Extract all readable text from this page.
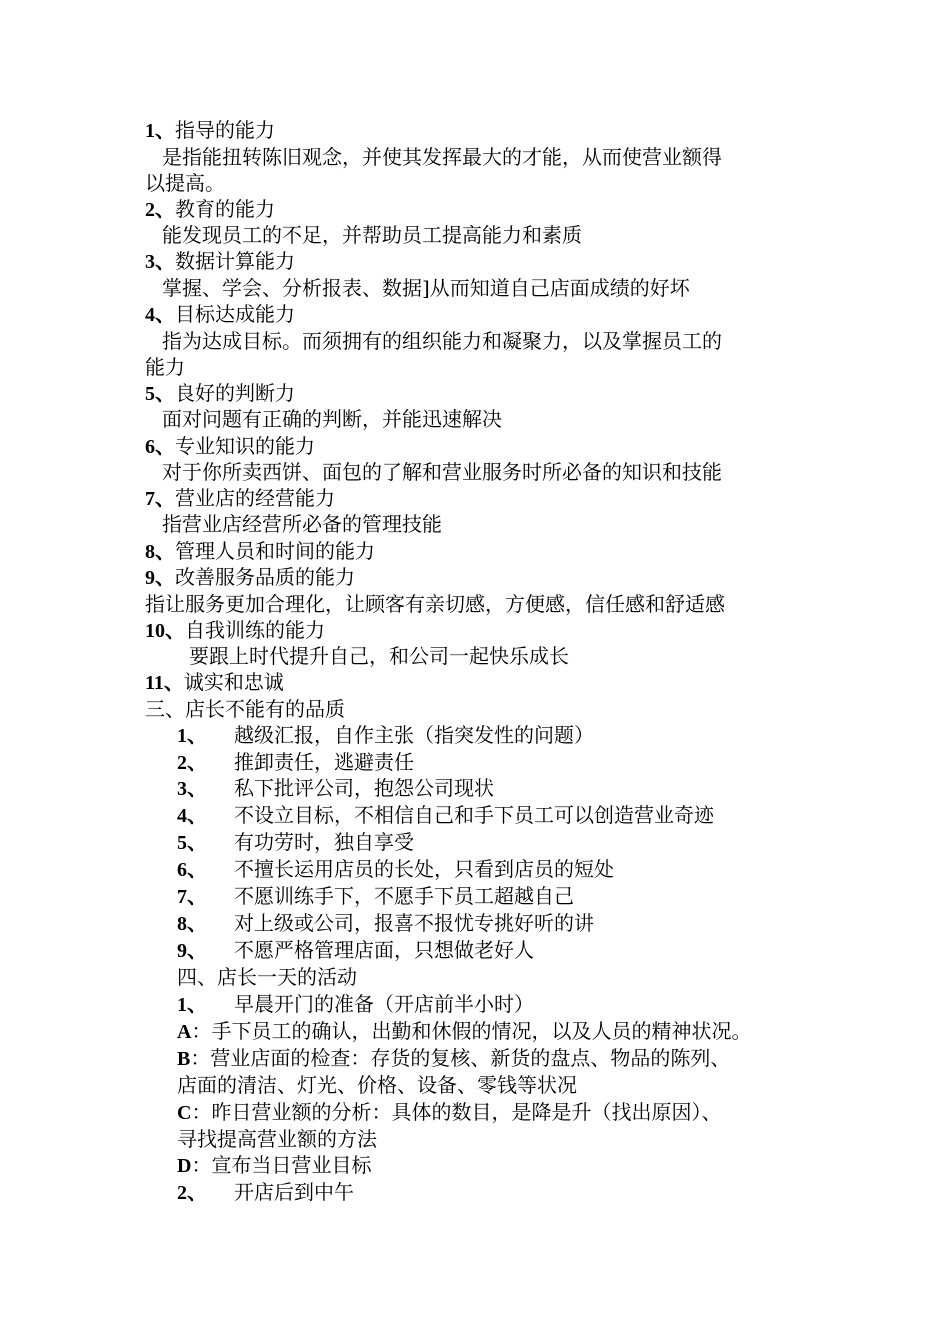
1、指导的能力
是指能扭转陈旧观念，并使其发挥最大的才能，从而使营业额得
以提高。
2、教育的能力
能发现员工的不足，并帮助员工提高能力和素质
3、数据计算能力
掌握、学会、分析报表、数据]从而知道自己店面成绩的好坏
4、目标达成能力
指为达成目标。而须拥有的组织能力和凝聚力，以及掌握员工的
能力
5、良好的判断力
面对问题有正确的判断，并能迅速解决
6、专业知识的能力
对于你所卖西饼、面包的了解和营业服务时所必备的知识和技能
7、营业店的经营能力
指营业店经营所必备的管理技能
8、管理人员和时间的能力
9、改善服务品质的能力
指让服务更加合理化，让顾客有亲切感，方便感，信任感和舒适感
10、自我训练的能力
要跟上时代提升自己，和公司一起快乐成长
11、诚实和忠诚
三、店长不能有的品质
1、 越级汇报，自作主张（指突发性的问题）
2、 推卸责任，逃避责任
3、 私下批评公司，抱怨公司现状
4、 不设立目标，不相信自己和手下员工可以创造营业奇迹
5、 有功劳时，独自享受
6、 不擅长运用店员的长处，只看到店员的短处
7、 不愿训练手下，不愿手下员工超越自己
8、 对上级或公司，报喜不报忧专挑好听的讲
9、 不愿严格管理店面，只想做老好人
四、店长一天的活动
1、 早晨开门的准备（开店前半小时）
A：手下员工的确认，出勤和休假的情况，以及人员的精神状况。
B：营业店面的检查：存货的复核、新货的盘点、物品的陈列、
店面的清洁、灯光、价格、设备、零钱等状况
C：昨日营业额的分析：具体的数目，是降是升（找出原因）、
寻找提高营业额的方法
D：宣布当日营业目标
2、 开店后到中午
